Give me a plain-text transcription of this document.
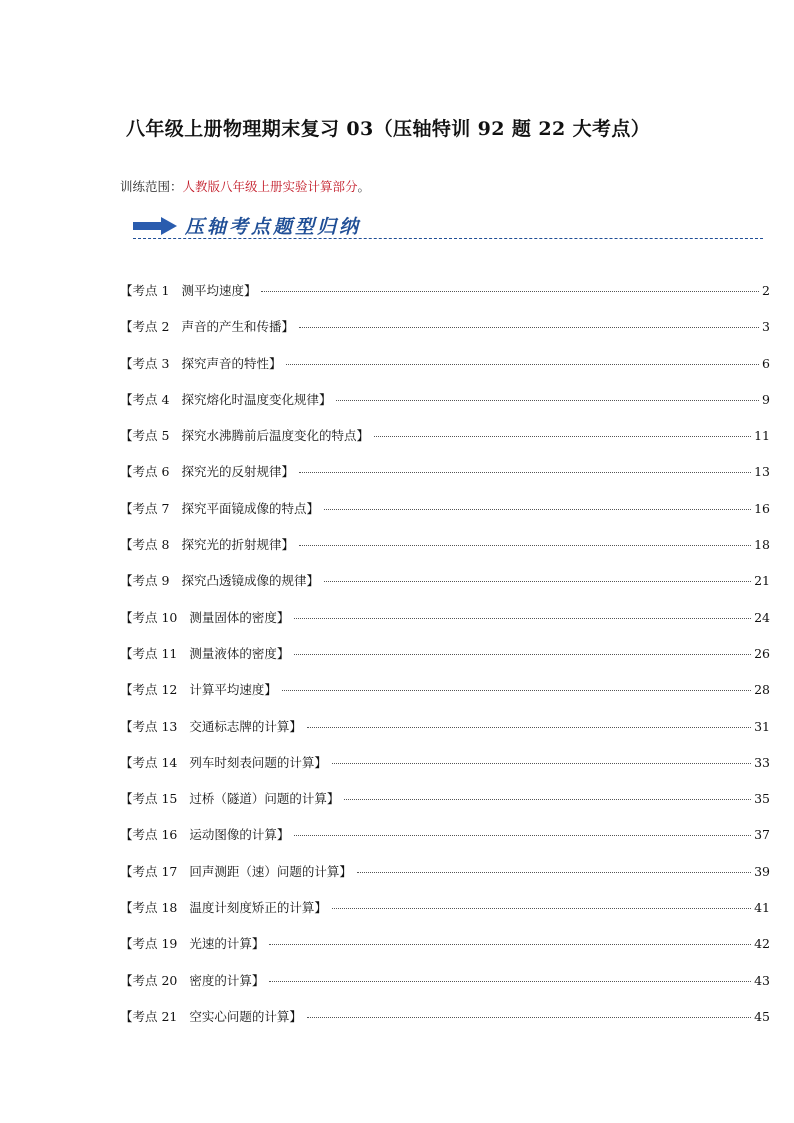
八年级上册物理期末复习 03（压轴特训 92 题 22 大考点）
训练范围：人教版八年级上册实验计算部分。
压轴考点题型归纳
【考点 1 测平均速度】	2
【考点 2 声音的产生和传播】	3
【考点 3 探究声音的特性】	6
【考点 4 探究熔化时温度变化规律】	9
【考点 5 探究水沸腾前后温度变化的特点】	11
【考点 6 探究光的反射规律】	13
【考点 7 探究平面镜成像的特点】	16
【考点 8 探究光的折射规律】	18
【考点 9 探究凸透镜成像的规律】	21
【考点 10 测量固体的密度】	24
【考点 11 测量液体的密度】	26
【考点 12 计算平均速度】	28
【考点 13 交通标志牌的计算】	31
【考点 14 列车时刻表问题的计算】	33
【考点 15 过桥（隧道）问题的计算】	35
【考点 16 运动图像的计算】	37
【考点 17 回声测距（速）问题的计算】	39
【考点 18 温度计刻度矫正的计算】	41
【考点 19 光速的计算】	42
【考点 20 密度的计算】	43
【考点 21 空实心问题的计算】	45
